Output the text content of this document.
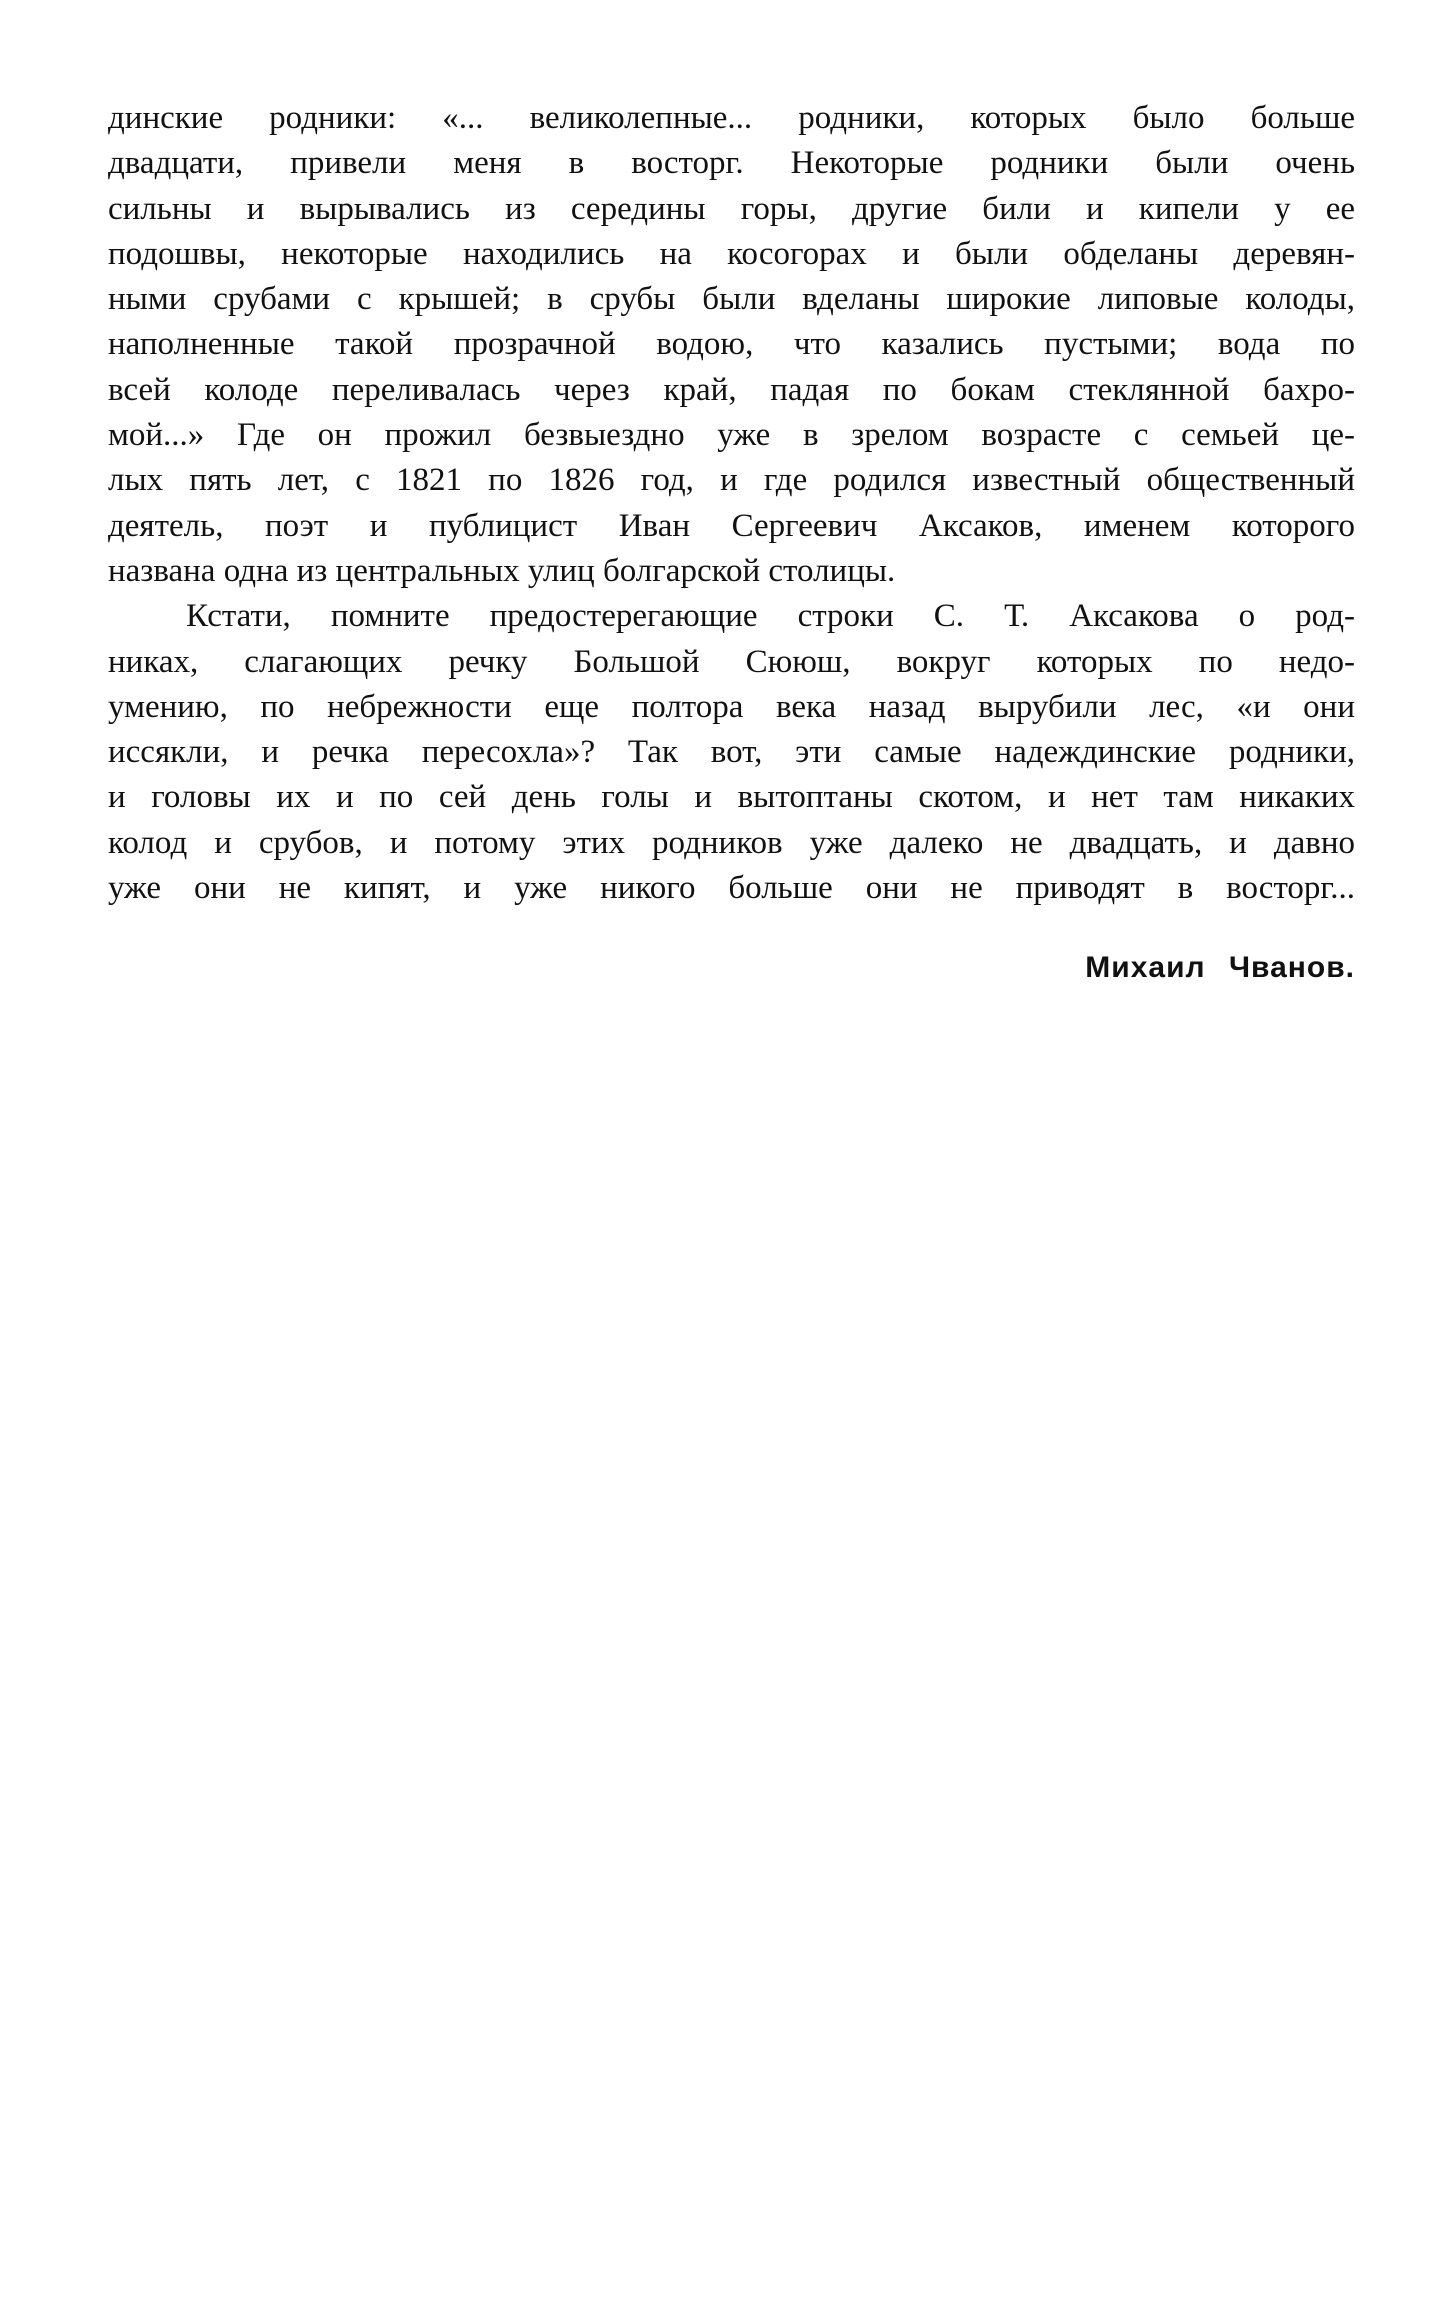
динские родники: «... великолепные... родники, которых было больше
двадцати, привели меня в восторг. Некоторые родники были очень
сильны и вырывались из середины горы, другие били и кипели у ее
подошвы, некоторые находились на косогорах и были обделаны деревян-
ными срубами с крышей; в срубы были вделаны широкие липовые колоды,
наполненные такой прозрачной водою, что казались пустыми; вода по
всей колоде переливалась через край, падая по бокам стеклянной бахро-
мой...» Где он прожил безвыездно уже в зрелом возрасте с семьей це-
лых пять лет, с 1821 по 1826 год, и где родился известный общественный
деятель, поэт и публицист Иван Сергеевич Аксаков, именем которого
названа одна из центральных улиц болгарской столицы.
Кстати, помните предостерегающие строки С. Т. Аксакова о род-
никах, слагающих речку Большой Сююш, вокруг которых по недо-
умению, по небрежности еще полтора века назад вырубили лес, «и они
иссякли, и речка пересохла»? Так вот, эти самые надеждинские родники,
и головы их и по сей день голы и вытоптаны скотом, и нет там никаких
колод и срубов, и потому этих родников уже далеко не двадцать, и давно
уже они не кипят, и уже никого больше они не приводят в восторг...
Михаил Чванов.
